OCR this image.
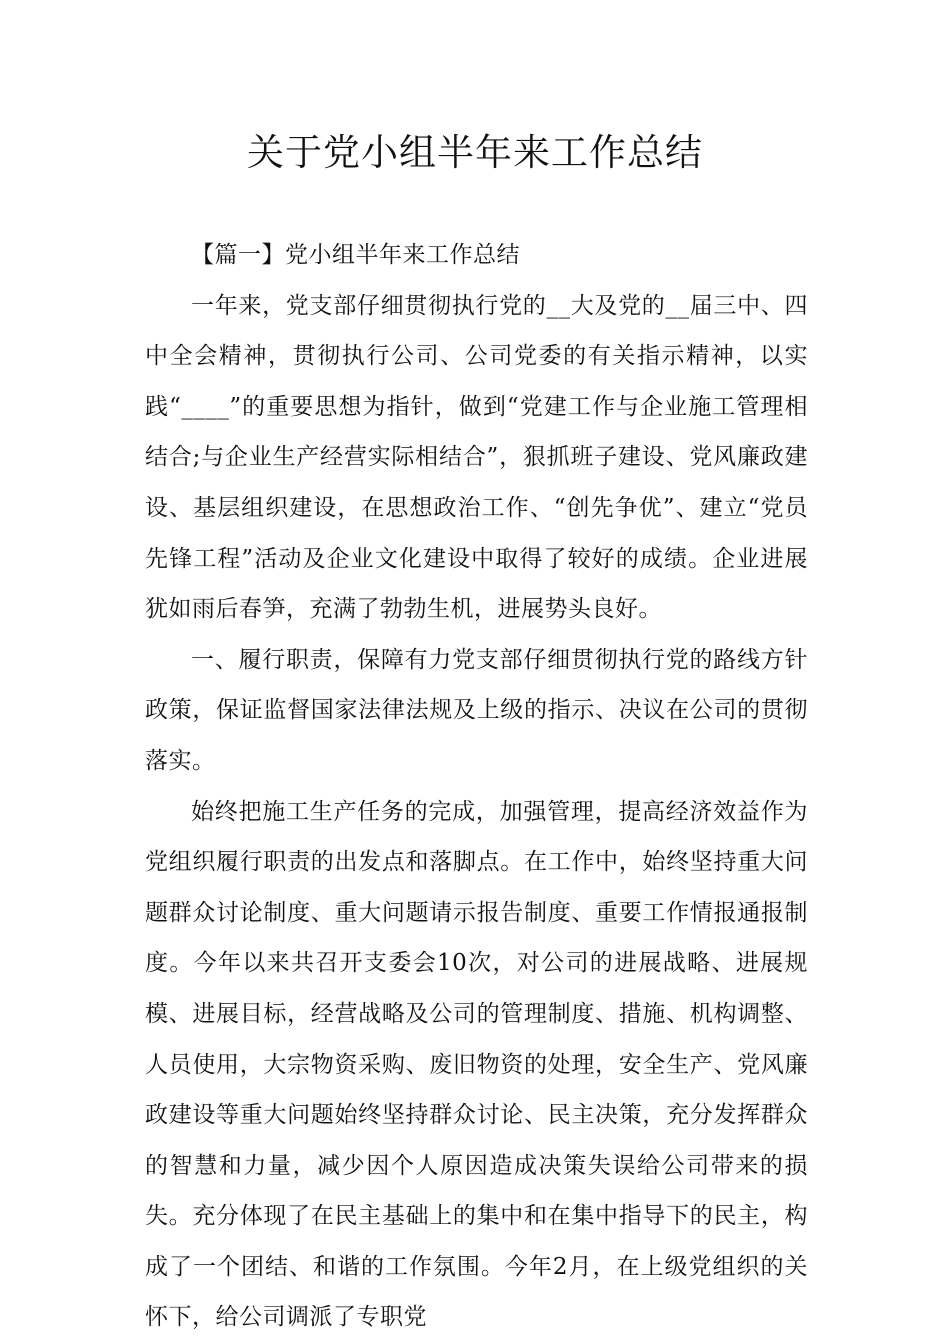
关于党小组半年来工作总结

【篇一】党小组半年来工作总结

一年来，党支部仔细贯彻执行党的__大及党的__届三中、四中全会精神，贯彻执行公司、公司党委的有关指示精神，以实践“____”的重要思想为指针，做到“党建工作与企业施工管理相结合;与企业生产经营实际相结合”，狠抓班子建设、党风廉政建设、基层组织建设，在思想政治工作、“创先争优”、建立“党员先锋工程”活动及企业文化建设中取得了较好的成绩。企业进展犹如雨后春笋，充满了勃勃生机，进展势头良好。

一、履行职责，保障有力党支部仔细贯彻执行党的路线方针政策，保证监督国家法律法规及上级的指示、决议在公司的贯彻落实。

始终把施工生产任务的完成，加强管理，提高经济效益作为党组织履行职责的出发点和落脚点。在工作中，始终坚持重大问题群众讨论制度、重大问题请示报告制度、重要工作情报通报制度。今年以来共召开支委会10次，对公司的进展战略、进展规模、进展目标，经营战略及公司的管理制度、措施、机构调整、人员使用，大宗物资采购、废旧物资的处理，安全生产、党风廉政建设等重大问题始终坚持群众讨论、民主决策，充分发挥群众的智慧和力量，减少因个人原因造成决策失误给公司带来的损失。充分体现了在民主基础上的集中和在集中指导下的民主，构成了一个团结、和谐的工作氛围。今年2月，在上级党组织的关怀下，给公司调派了专职党
